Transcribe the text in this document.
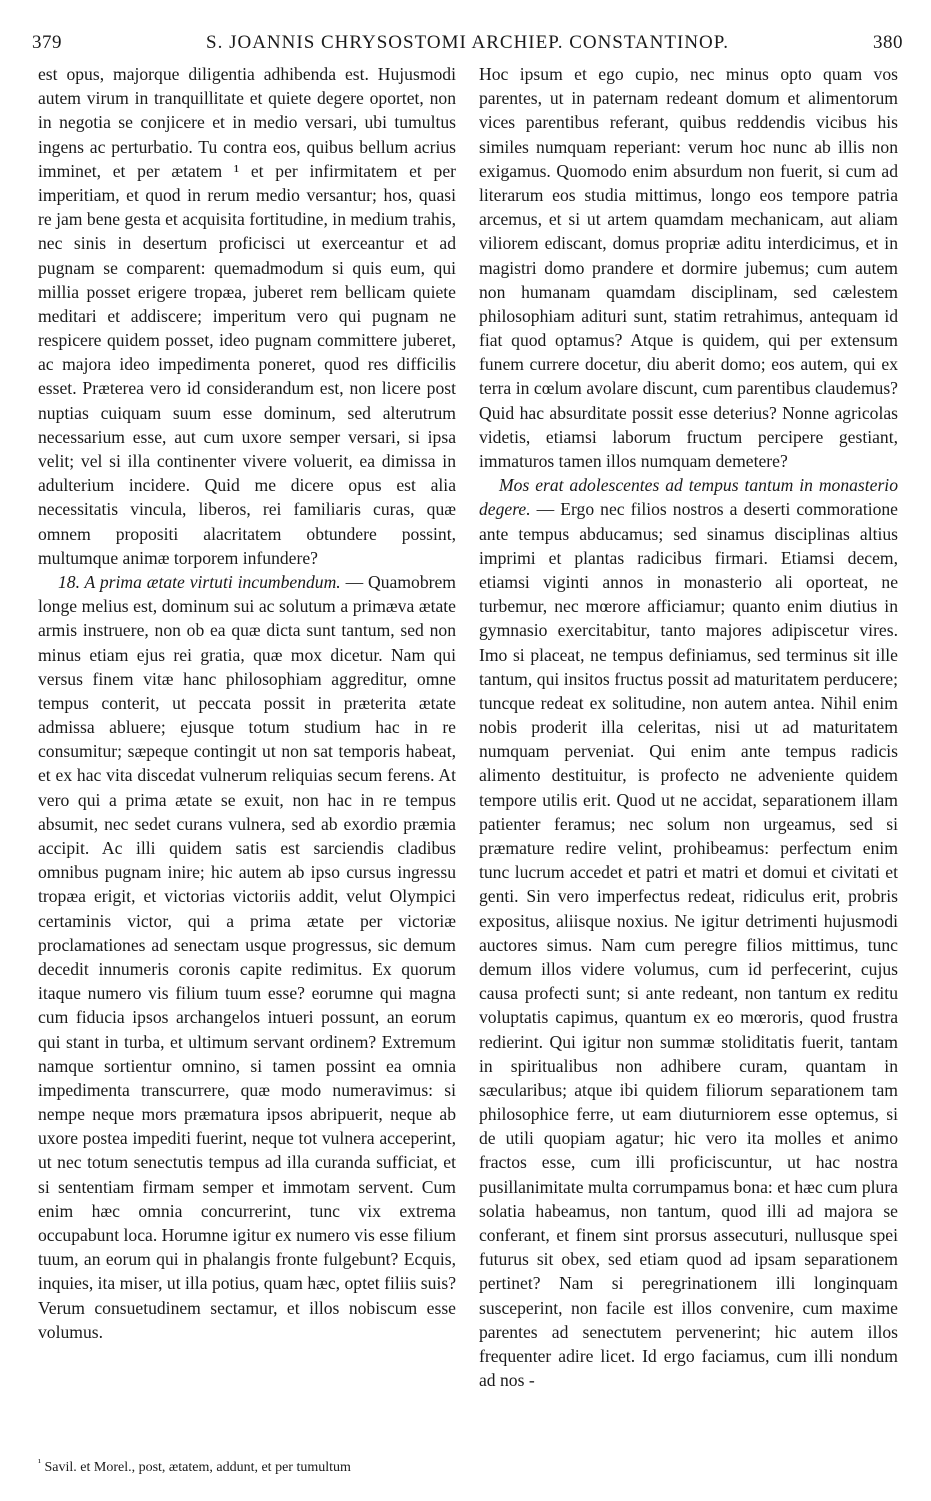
379	S. JOANNIS CHRYSOSTOMI ARCHIEP. CONSTANTINOP.	380

est opus, majorque diligentia adhibenda est. Hujusmodi autem virum in tranquillitate et quiete degere oportet, non in negotia se conjicere et in medio versari, ubi tumultus ingens ac perturbatio. Tu contra eos, quibus bellum acrius imminet, et per ætatem ¹ et per infirmitatem et per imperitiam, et quod in rerum medio versantur; hos, quasi re jam bene gesta et acquisita fortitudine, in medium trahis, nec sinis in desertum proficisci ut exerceantur et ad pugnam se comparent: quemadmodum si quis eum, qui millia posset erigere tropæa, juberet rem bellicam quiete meditari et addiscere; imperitum vero qui pugnam ne respicere quidem posset, ideo pugnam committere juberet, ac majora ideo impedimenta poneret, quod res difficilis esset. Præterea vero id considerandum est, non licere post nuptias cuiquam suum esse dominum, sed alterutrum necessarium esse, aut cum uxore semper versari, si ipsa velit; vel si illa continenter vivere voluerit, ea dimissa in adulterium incidere. Quid me dicere opus est alia necessitatis vincula, liberos, rei familiaris curas, quæ omnem propositi alacritatem obtundere possint, multumque animæ torporem infundere?

18. A prima ætate virtuti incumbendum. — Quamobrem longe melius est, dominum sui ac solutum a primæva ætate armis instruere, non ob ea quæ dicta sunt tantum, sed non minus etiam ejus rei gratia, quæ mox dicetur. Nam qui versus finem vitæ hanc philosophiam aggreditur, omne tempus conterit, ut peccata possit in præterita ætate admissa abluere; ejusque totum studium hac in re consumitur; sæpeque contingit ut non sat temporis habeat, et ex hac vita discedat vulnerum reliquias secum ferens. At vero qui a prima ætate se exuit, non hac in re tempus absumit, nec sedet curans vulnera, sed ab exordio præmia accipit. Ac illi quidem satis est sarciendis cladibus omnibus pugnam inire; hic autem ab ipso cursus ingressu tropæa erigit, et victorias victoriis addit, velut Olympici certaminis victor, qui a prima ætate per victoriæ proclamationes ad senectam usque progressus, sic demum decedit innumeris coronis capite redimitus. Ex quorum itaque numero vis filium tuum esse? eorumne qui magna cum fiducia ipsos archangelos intueri possunt, an eorum qui stant in turba, et ultimum servant ordinem? Extremum namque sortientur omnino, si tamen possint ea omnia impedimenta transcurrere, quæ modo numeravimus: si nempe neque mors præmatura ipsos abripuerit, neque ab uxore postea impediti fuerint, neque tot vulnera acceperint, ut nec totum senectutis tempus ad illa curanda sufficiat, et si sententiam firmam semper et immotam servent. Cum enim hæc omnia concurrerint, tunc vix extrema occupabunt loca. Horumne igitur ex numero vis esse filium tuum, an eorum qui in phalangis fronte fulgebunt? Ecquis, inquies, ita miser, ut illa potius, quam hæc, optet filiis suis? Verum consuetudinem sectamur, et illos nobiscum esse volumus.

Hoc ipsum et ego cupio, nec minus opto quam vos parentes, ut in paternam redeant domum et alimentorum vices parentibus referant, quibus reddendis vicibus his similes numquam reperiant: verum hoc nunc ab illis non exigamus. Quomodo enim absurdum non fuerit, si cum ad literarum eos studia mittimus, longo eos tempore patria arcemus, et si ut artem quamdam mechanicam, aut aliam viliorem ediscant, domus propriæ aditu interdicimus, et in magistri domo prandere et dormire jubemus; cum autem non humanam quamdam disciplinam, sed cælestem philosophiam adituri sunt, statim retrahimus, antequam id fiat quod optamus? Atque is quidem, qui per extensum funem currere docetur, diu aberit domo; eos autem, qui ex terra in cœlum avolare discunt, cum parentibus claudemus? Quid hac absurditate possit esse deterius? Nonne agricolas videtis, etiamsi laborum fructum percipere gestiant, immaturos tamen illos numquam demetere?

Mos erat adolescentes ad tempus tantum in monasterio degere. — Ergo nec filios nostros a deserti commoratione ante tempus abducamus; sed sinamus disciplinas altius imprimi et plantas radicibus firmari. Etiamsi decem, etiamsi viginti annos in monasterio ali oporteat, ne turbemur, nec mœrore afficiamur; quanto enim diutius in gymnasio exercitabitur, tanto majores adipiscetur vires. Imo si placeat, ne tempus definiamus, sed terminus sit ille tantum, qui insitos fructus possit ad maturitatem perducere; tuncque redeat ex solitudine, non autem antea. Nihil enim nobis proderit illa celeritas, nisi ut ad maturitatem numquam perveniat. Qui enim ante tempus radicis alimento destituitur, is profecto ne adveniente quidem tempore utilis erit. Quod ut ne accidat, separationem illam patienter feramus; nec solum non urgeamus, sed si præmature redire velint, prohibeamus: perfectum enim tunc lucrum accedet et patri et matri et domui et civitati et genti. Sin vero imperfectus redeat, ridiculus erit, probris expositus, aliisque noxius. Ne igitur detrimenti hujusmodi auctores simus. Nam cum peregre filios mittimus, tunc demum illos videre volumus, cum id perfecerint, cujus causa profecti sunt; si ante redeant, non tantum ex reditu voluptatis capimus, quantum ex eo mœroris, quod frustra redierint. Qui igitur non summæ stoliditatis fuerit, tantam in spiritualibus non adhibere curam, quantam in sæcularibus; atque ibi quidem filiorum separationem tam philosophice ferre, ut eam diuturniorem esse optemus, si de utili quopiam agatur; hic vero ita molles et animo fractos esse, cum illi proficiscuntur, ut hac nostra pusillanimitate multa corrumpamus bona: et hæc cum plura solatia habeamus, non tantum, quod illi ad majora se conferant, et finem sint prorsus assecuturi, nullusque spei futurus sit obex, sed etiam quod ad ipsam separationem pertinet? Nam si peregrinationem illi longinquam susceperint, non facile est illos convenire, cum maxime parentes ad senectutem pervenerint; hic autem illos frequenter adire licet. Id ergo faciamus, cum illi nondum ad nos -

$^{^1}$ Savil. et Morel., post, ætatem, addunt, et per tumultum
